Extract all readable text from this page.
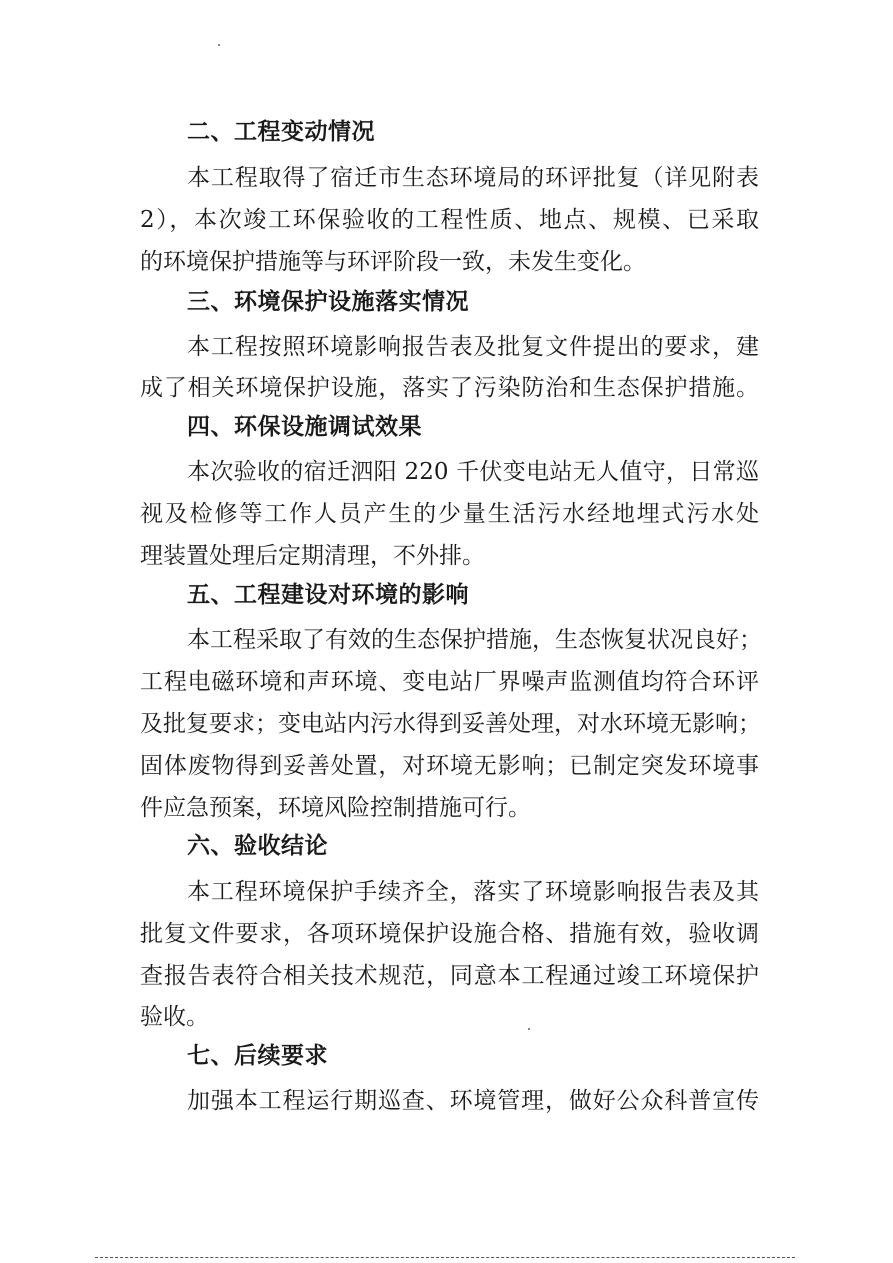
二、工程变动情况
本工程取得了宿迁市生态环境局的环评批复（详见附表
2），本次竣工环保验收的工程性质、地点、规模、已采取
的环境保护措施等与环评阶段一致，未发生变化。
三、环境保护设施落实情况
本工程按照环境影响报告表及批复文件提出的要求，建
成了相关环境保护设施，落实了污染防治和生态保护措施。
四、环保设施调试效果
本次验收的宿迁泗阳 220 千伏变电站无人值守，日常巡
视及检修等工作人员产生的少量生活污水经地埋式污水处
理装置处理后定期清理，不外排。
五、工程建设对环境的影响
本工程采取了有效的生态保护措施，生态恢复状况良好；
工程电磁环境和声环境、变电站厂界噪声监测值均符合环评
及批复要求；变电站内污水得到妥善处理，对水环境无影响；
固体废物得到妥善处置，对环境无影响；已制定突发环境事
件应急预案，环境风险控制措施可行。
六、验收结论
本工程环境保护手续齐全，落实了环境影响报告表及其
批复文件要求，各项环境保护设施合格、措施有效，验收调
查报告表符合相关技术规范，同意本工程通过竣工环境保护
验收。
七、后续要求
加强本工程运行期巡查、环境管理，做好公众科普宣传
